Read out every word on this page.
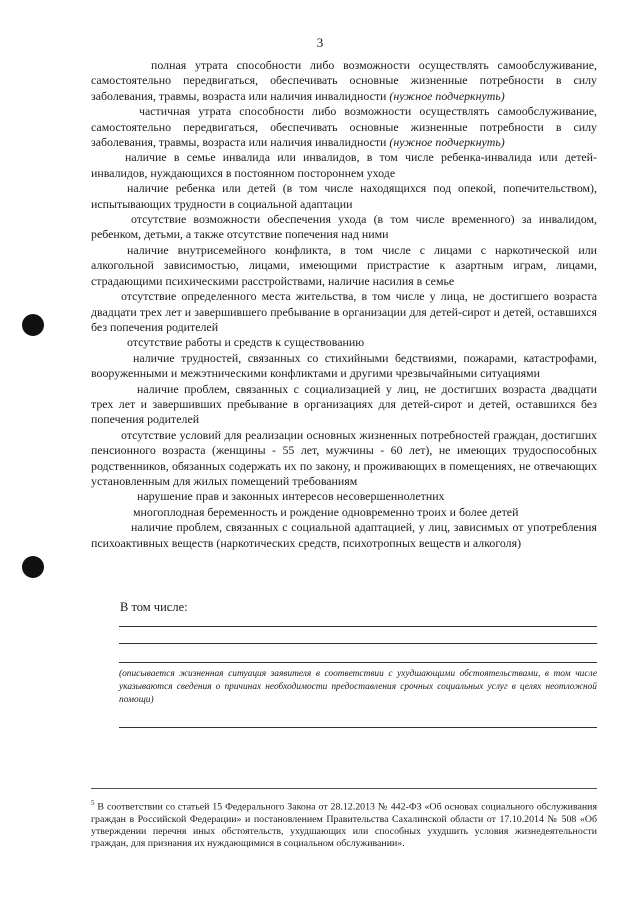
3

полная утрата способности либо возможности осуществлять самообслуживание, самостоятельно передвигаться, обеспечивать основные жизненные потребности в силу заболевания, травмы, возраста или наличия инвалидности (нужное подчеркнуть)

частичная утрата способности либо возможности осуществлять самообслуживание, самостоятельно передвигаться, обеспечивать основные жизненные потребности в силу заболевания, травмы, возраста или наличия инвалидности (нужное подчеркнуть)

наличие в семье инвалида или инвалидов, в том числе ребенка-инвалида или детей-инвалидов, нуждающихся в постоянном постороннем уходе

наличие ребенка или детей (в том числе находящихся под опекой, попечительством), испытывающих трудности в социальной адаптации

отсутствие возможности обеспечения ухода (в том числе временного) за инвалидом, ребенком, детьми, а также отсутствие попечения над ними

наличие внутрисемейного конфликта, в том числе с лицами с наркотической или алкогольной зависимостью, лицами, имеющими пристрастие к азартным играм, лицами, страдающими психическими расстройствами, наличие насилия в семье

отсутствие определенного места жительства, в том числе у лица, не достигшего возраста двадцати трех лет и завершившего пребывание в организации для детей-сирот и детей, оставшихся без попечения родителей

отсутствие работы и средств к существованию

наличие трудностей, связанных со стихийными бедствиями, пожарами, катастрофами, вооруженными и межэтническими конфликтами и другими чрезвычайными ситуациями

наличие проблем, связанных с социализацией у лиц, не достигших возраста двадцати трех лет и завершивших пребывание в организациях для детей-сирот и детей, оставшихся без попечения родителей

отсутствие условий для реализации основных жизненных потребностей граждан, достигших пенсионного возраста (женщины - 55 лет, мужчины - 60 лет), не имеющих трудоспособных родственников, обязанных содержать их по закону, и проживающих в помещениях, не отвечающих установленным для жилых помещений требованиям

нарушение прав и законных интересов несовершеннолетних

многоплодная беременность и рождение одновременно троих и более детей

наличие проблем, связанных с социальной адаптацией, у лиц, зависимых от употребления психоактивных веществ (наркотических средств, психотропных веществ и алкоголя)

В том числе:
(описывается жизненная ситуация заявителя в соответствии с ухудшающими обстоятельствами, в том числе указываются сведения о причинах необходимости предоставления срочных социальных услуг в целях неотложной помощи)
$^5$ В соответствии со статьей 15 Федерального Закона от 28.12.2013 № 442-ФЗ «Об основах социального обслуживания граждан в Российской Федерации» и постановлением Правительства Сахалинской области от 17.10.2014 № 508 «Об утверждении перечня иных обстоятельств, ухудшающих или способных ухудшить условия жизнедеятельности граждан, для признания их нуждающимися в социальном обслуживании».
